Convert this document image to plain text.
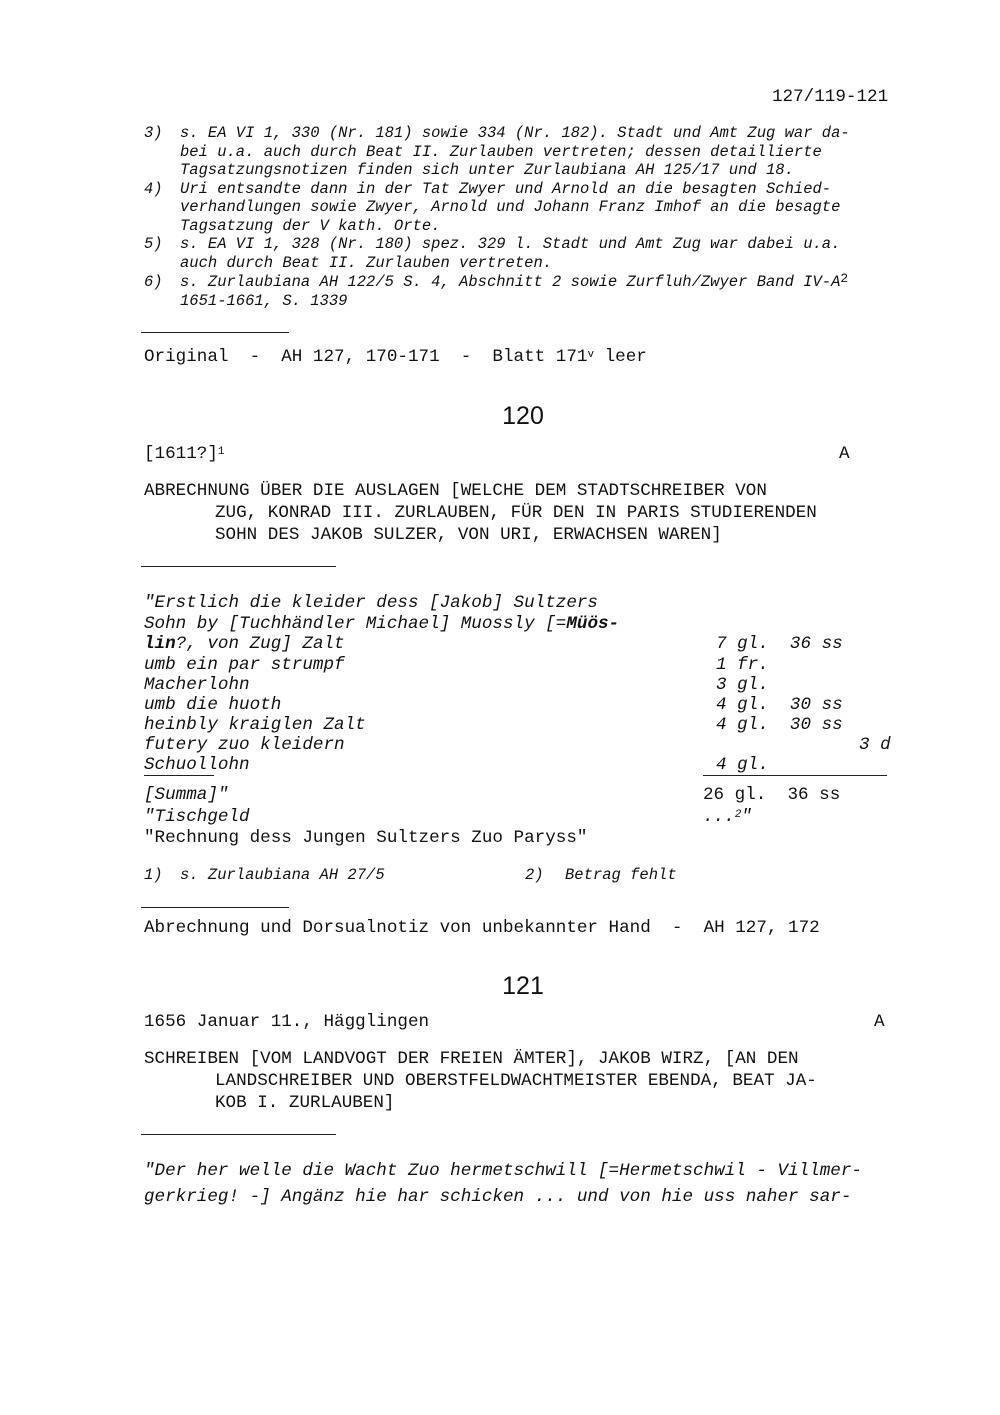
127/119-121
3) s. EA VI 1, 330 (Nr. 181) sowie 334 (Nr. 182). Stadt und Amt Zug war da-
bei u.a. auch durch Beat II. Zurlauben vertreten; dessen detaillierte
Tagsatzungsnotizen finden sich unter Zurlaubiana AH 125/17 und 18.
4) Uri entsandte dann in der Tat Zwyer und Arnold an die besagten Schied-
verhandlungen sowie Zwyer, Arnold und Johann Franz Imhof an die besagte
Tagsatzung der V kath. Orte.
5) s. EA VI 1, 328 (Nr. 180) spez. 329 l. Stadt und Amt Zug war dabei u.a.
auch durch Beat II. Zurlauben vertreten.
6) s. Zurlaubiana AH 122/5 S. 4, Abschnitt 2 sowie Zurfluh/Zwyer Band $IV-A^2$
1651-1661, S. 1339
Original  -  AH 127, 170-171  -  Blatt 171$^v$ leer
120
[1611?]$^1$	A
ABRECHNUNG ÜBER DIE AUSLAGEN [WELCHE DEM STADTSCHREIBER VON
ZUG, KONRAD III. ZURLAUBEN, FÜR DEN IN PARIS STUDIERENDEN
SOHN DES JAKOB SULZER, VON URI, ERWACHSEN WAREN]
"Erstlich die kleider dess [Jakob] Sultzers
Sohn by [Tuchhändler Michael] Muossly [=Müös-
lin?, von Zug] Zalt	7 gl.  36 ss
umb ein par strumpf	1 fr.
Macherlohn	3 gl.
umb die huoth	4 gl.  30 ss
heinbly kraiglen Zalt	4 gl.  30 ss
futery zuo kleidern	3 d
Schuollohn	4 gl.
[Summa]"	26 gl.  36 ss
"Tischgeld	...$^2$"
"Rechnung dess Jungen Sultzers Zuo Paryss"
1) s. Zurlaubiana AH 27/5	2) Betrag fehlt
Abrechnung und Dorsualnotiz von unbekannter Hand  -  AH 127, 172
121
1656 Januar 11., Hägglingen	A
SCHREIBEN [VOM LANDVOGT DER FREIEN ÄMTER], JAKOB WIRZ, [AN DEN
LANDSCHREIBER UND OBERSTFELDWACHTMEISTER EBENDA, BEAT JA-
KOB I. ZURLAUBEN]
"Der her welle die Wacht Zuo hermetschwill [=Hermetschwil - Villmer-
gerkrieg! -] Angänz hie har schicken ... und von hie uss naher sar-
